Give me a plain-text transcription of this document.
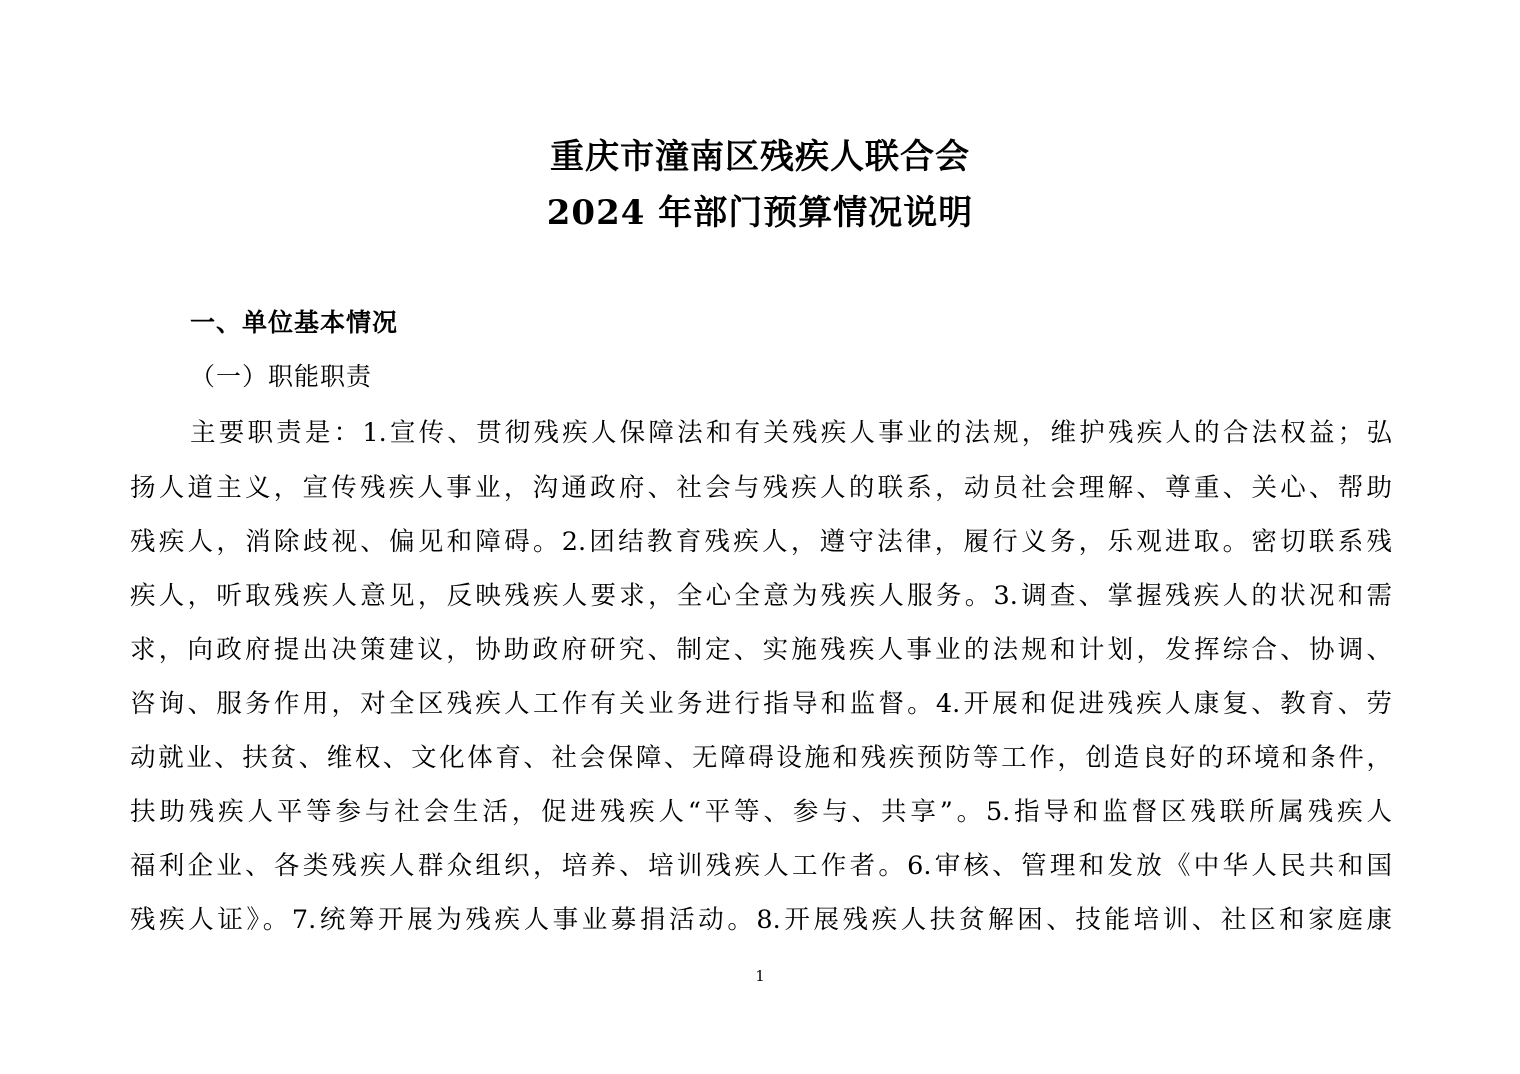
重庆市潼南区残疾人联合会
2024 年部门预算情况说明
一、单位基本情况
（一）职能职责
主要职责是：1.宣传、贯彻残疾人保障法和有关残疾人事业的法规，维护残疾人的合法权益；弘
扬人道主义，宣传残疾人事业，沟通政府、社会与残疾人的联系，动员社会理解、尊重、关心、帮助
残疾人，消除歧视、偏见和障碍。2.团结教育残疾人，遵守法律，履行义务，乐观进取。密切联系残
疾人，听取残疾人意见，反映残疾人要求，全心全意为残疾人服务。3.调查、掌握残疾人的状况和需
求，向政府提出决策建议，协助政府研究、制定、实施残疾人事业的法规和计划，发挥综合、协调、
咨询、服务作用，对全区残疾人工作有关业务进行指导和监督。4.开展和促进残疾人康复、教育、劳
动就业、扶贫、维权、文化体育、社会保障、无障碍设施和残疾预防等工作，创造良好的环境和条件，
扶助残疾人平等参与社会生活，促进残疾人“平等、参与、共享”。5.指导和监督区残联所属残疾人
福利企业、各类残疾人群众组织，培养、培训残疾人工作者。6.审核、管理和发放《中华人民共和国
残疾人证》。7.统筹开展为残疾人事业募捐活动。8.开展残疾人扶贫解困、技能培训、社区和家庭康
1
